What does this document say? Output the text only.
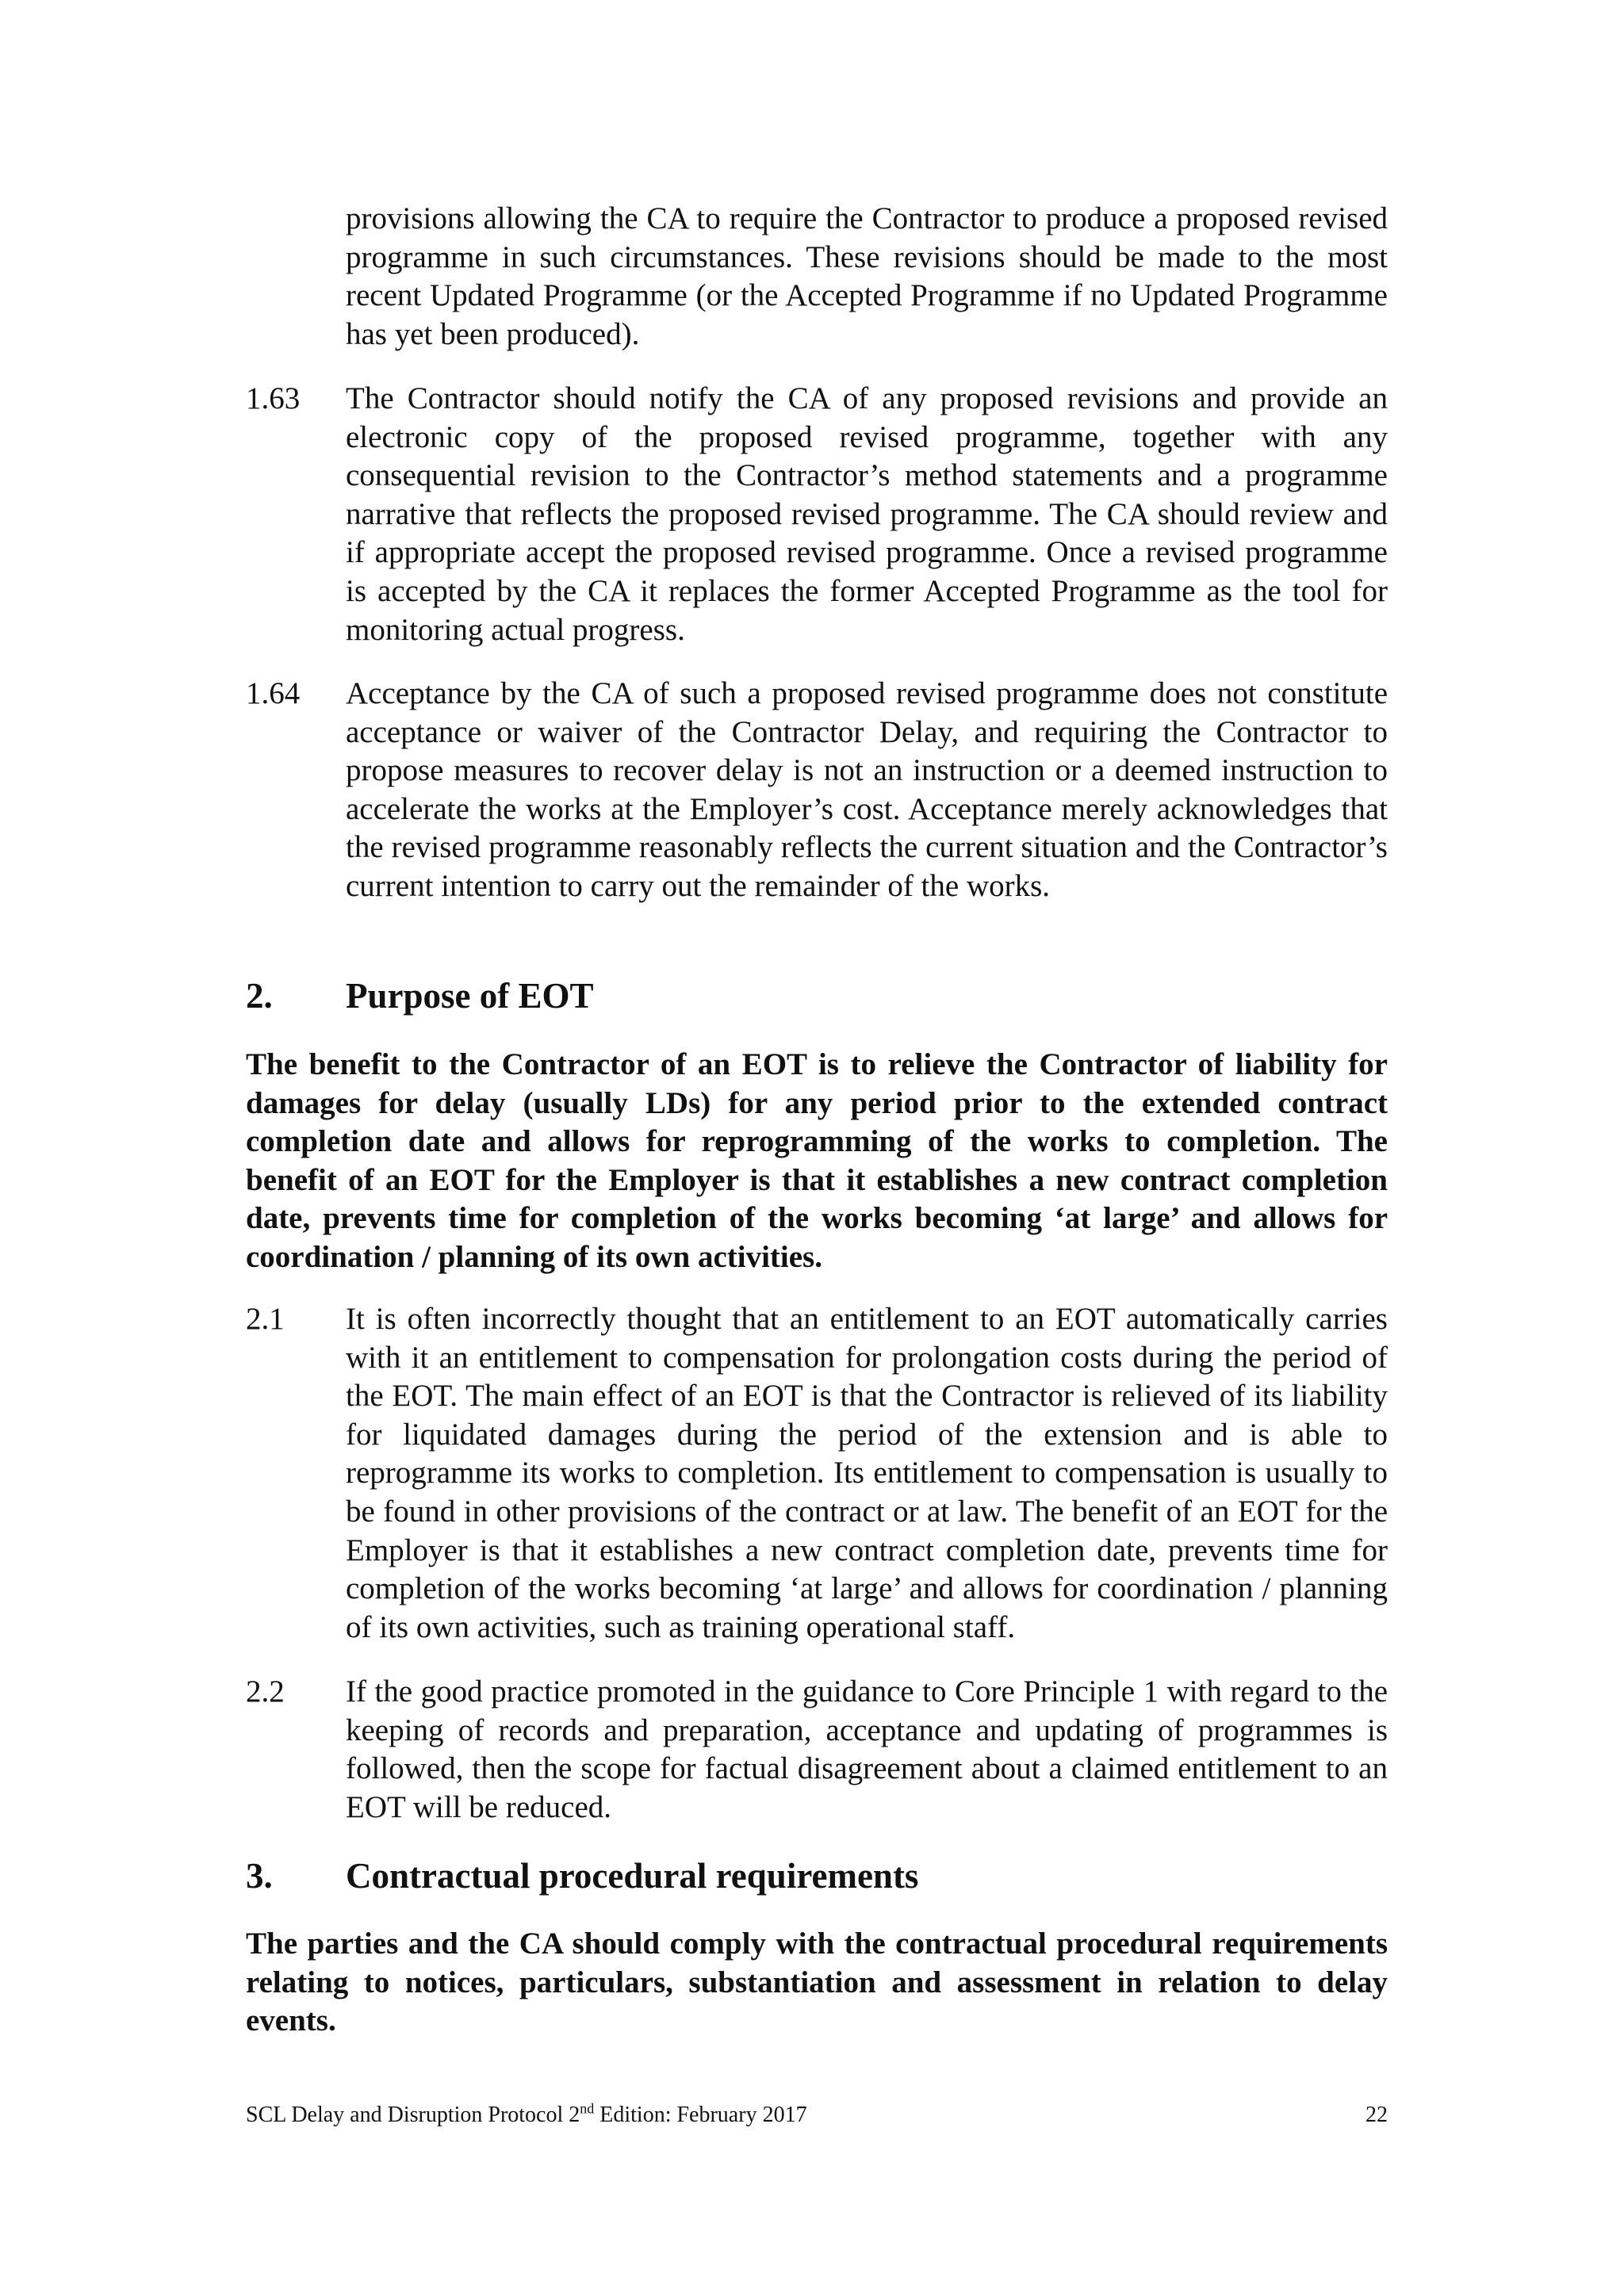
provisions allowing the CA to require the Contractor to produce a proposed revised programme in such circumstances. These revisions should be made to the most recent Updated Programme (or the Accepted Programme if no Updated Programme has yet been produced).
1.63	The Contractor should notify the CA of any proposed revisions and provide an electronic copy of the proposed revised programme, together with any consequential revision to the Contractor’s method statements and a programme narrative that reflects the proposed revised programme. The CA should review and if appropriate accept the proposed revised programme. Once a revised programme is accepted by the CA it replaces the former Accepted Programme as the tool for monitoring actual progress.
1.64	Acceptance by the CA of such a proposed revised programme does not constitute acceptance or waiver of the Contractor Delay, and requiring the Contractor to propose measures to recover delay is not an instruction or a deemed instruction to accelerate the works at the Employer’s cost. Acceptance merely acknowledges that the revised programme reasonably reflects the current situation and the Contractor’s current intention to carry out the remainder of the works.
2.	Purpose of EOT
The benefit to the Contractor of an EOT is to relieve the Contractor of liability for damages for delay (usually LDs) for any period prior to the extended contract completion date and allows for reprogramming of the works to completion. The benefit of an EOT for the Employer is that it establishes a new contract completion date, prevents time for completion of the works becoming ‘at large’ and allows for coordination / planning of its own activities.
2.1	It is often incorrectly thought that an entitlement to an EOT automatically carries with it an entitlement to compensation for prolongation costs during the period of the EOT. The main effect of an EOT is that the Contractor is relieved of its liability for liquidated damages during the period of the extension and is able to reprogramme its works to completion. Its entitlement to compensation is usually to be found in other provisions of the contract or at law. The benefit of an EOT for the Employer is that it establishes a new contract completion date, prevents time for completion of the works becoming ‘at large’ and allows for coordination / planning of its own activities, such as training operational staff.
2.2	If the good practice promoted in the guidance to Core Principle 1 with regard to the keeping of records and preparation, acceptance and updating of programmes is followed, then the scope for factual disagreement about a claimed entitlement to an EOT will be reduced.
3.	Contractual procedural requirements
The parties and the CA should comply with the contractual procedural requirements relating to notices, particulars, substantiation and assessment in relation to delay events.
SCL Delay and Disruption Protocol 2nd Edition: February 2017	22
